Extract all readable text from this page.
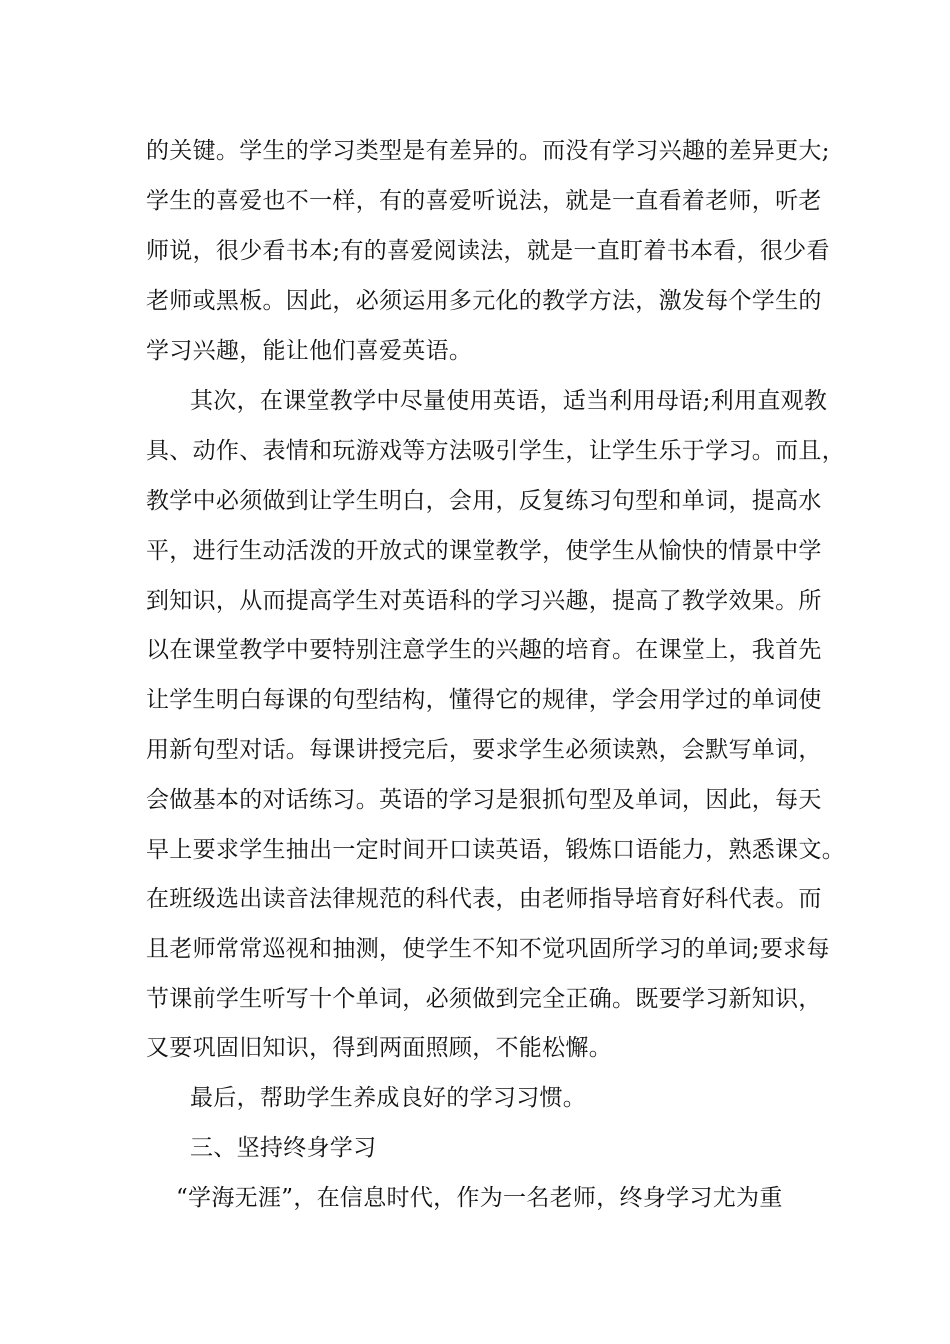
的关键。学生的学习类型是有差异的。而没有学习兴趣的差异更大;
学生的喜爱也不一样，有的喜爱听说法，就是一直看着老师，听老
师说，很少看书本;有的喜爱阅读法，就是一直盯着书本看，很少看
老师或黑板。因此，必须运用多元化的教学方法，激发每个学生的
学习兴趣，能让他们喜爱英语。
其次，在课堂教学中尽量使用英语，适当利用母语;利用直观教
具、动作、表情和玩游戏等方法吸引学生，让学生乐于学习。而且，
教学中必须做到让学生明白，会用，反复练习句型和单词，提高水
平，进行生动活泼的开放式的课堂教学，使学生从愉快的情景中学
到知识，从而提高学生对英语科的学习兴趣，提高了教学效果。所
以在课堂教学中要特别注意学生的兴趣的培育。在课堂上，我首先
让学生明白每课的句型结构，懂得它的规律，学会用学过的单词使
用新句型对话。每课讲授完后，要求学生必须读熟，会默写单词，
会做基本的对话练习。英语的学习是狠抓句型及单词，因此，每天
早上要求学生抽出一定时间开口读英语，锻炼口语能力，熟悉课文。
在班级选出读音法律规范的科代表，由老师指导培育好科代表。而
且老师常常巡视和抽测，使学生不知不觉巩固所学习的单词;要求每
节课前学生听写十个单词，必须做到完全正确。既要学习新知识，
又要巩固旧知识，得到两面照顾，不能松懈。
最后，帮助学生养成良好的学习习惯。
三、坚持终身学习
“学海无涯”，在信息时代，作为一名老师，终身学习尤为重
